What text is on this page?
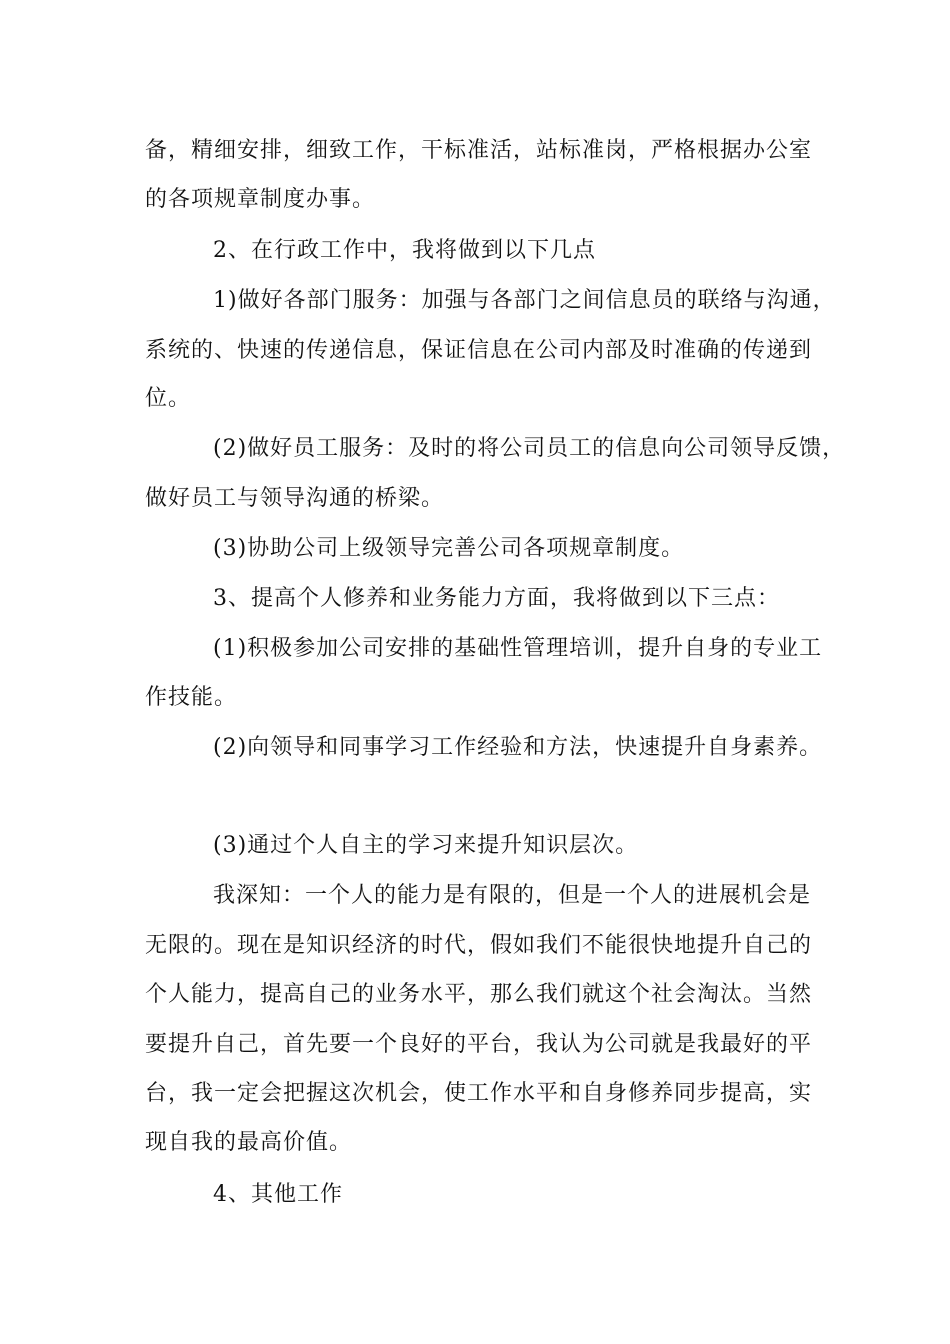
备，精细安排，细致工作，干标准活，站标准岗，严格根据办公室
的各项规章制度办事。
2、在行政工作中，我将做到以下几点
1)做好各部门服务：加强与各部门之间信息员的联络与沟通，
系统的、快速的传递信息，保证信息在公司内部及时准确的传递到
位。
(2)做好员工服务：及时的将公司员工的信息向公司领导反馈，
做好员工与领导沟通的桥梁。
(3)协助公司上级领导完善公司各项规章制度。
3、提高个人修养和业务能力方面，我将做到以下三点：
(1)积极参加公司安排的基础性管理培训，提升自身的专业工
作技能。
(2)向领导和同事学习工作经验和方法，快速提升自身素养。
(3)通过个人自主的学习来提升知识层次。
我深知：一个人的能力是有限的，但是一个人的进展机会是
无限的。现在是知识经济的时代，假如我们不能很快地提升自己的
个人能力，提高自己的业务水平，那么我们就这个社会淘汰。当然
要提升自己，首先要一个良好的平台，我认为公司就是我最好的平
台，我一定会把握这次机会，使工作水平和自身修养同步提高，实
现自我的最高价值。
4、其他工作
